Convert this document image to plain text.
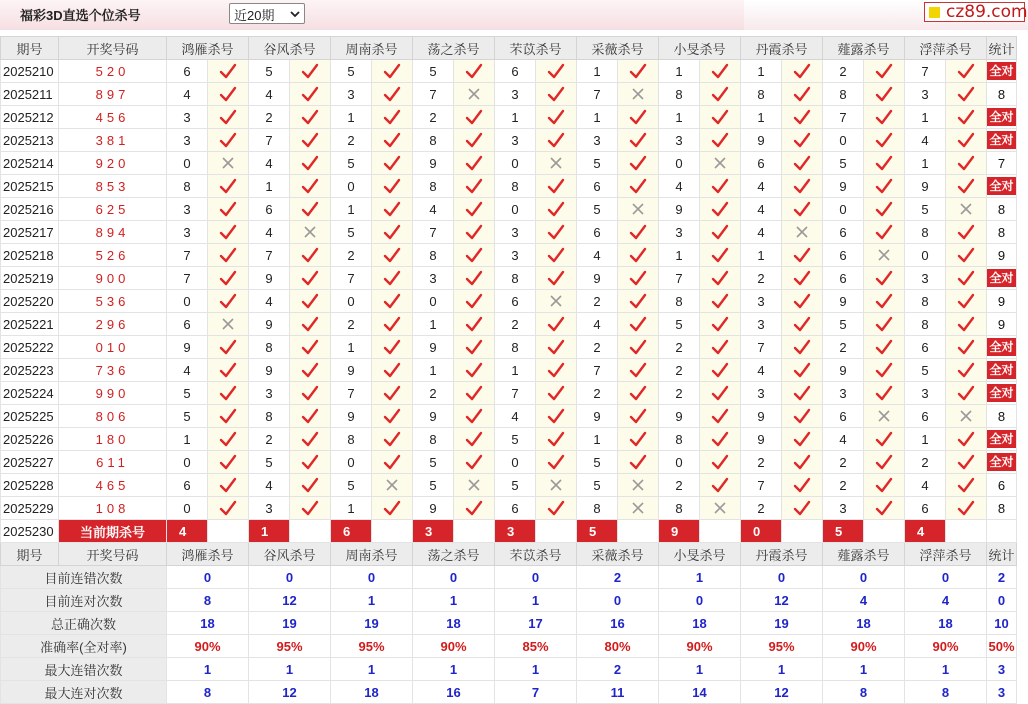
福彩3D直选个位杀号	近20期	cz89.com
期号	开奖号码	鸿雁杀号		谷风杀号		周南杀号		荡之杀号		芣苡杀号		采薇杀号		小旻杀号		丹霞杀号		薤露杀号		浮萍杀号		统计
2025210	520	6		5		5		5		6		1		1		1		2		7		全对
2025211	897	4		4		3		7		3		7		8		8		8		3		8
2025212	456	3		2		1		2		1		1		1		1		7		1		全对
2025213	381	3		7		2		8		3		3		3		9		0		4		全对
2025214	920	0		4		5		9		0		5		0		6		5		1		7
2025215	853	8		1		0		8		8		6		4		4		9		9		全对
2025216	625	3		6		1		4		0		5		9		4		0		5		8
2025217	894	3		4		5		7		3		6		3		4		6		8		8
2025218	526	7		7		2		8		3		4		1		1		6		0		9
2025219	900	7		9		7		3		8		9		7		2		6		3		全对
2025220	536	0		4		0		0		6		2		8		3		9		8		9
2025221	296	6		9		2		1		2		4		5		3		5		8		9
2025222	010	9		8		1		9		8		2		2		7		2		6		全对
2025223	736	4		9		9		1		1		7		2		4		9		5		全对
2025224	990	5		3		7		2		7		2		2		3		3		3		全对
2025225	806	5		8		9		9		4		9		9		9		6		6		8
2025226	180	1		2		8		8		5		1		8		9		4		1		全对
2025227	611	0		5		0		5		0		5		0		2		2		2		全对
2025228	465	6		4		5		5		5		5		2		7		2		4		6
2025229	108	0		3		1		9		6		8		8		2		3		6		8
2025230	当前期杀号	4		1		6		3		3		5		9		0		5		4		
期号	开奖号码	鸿雁杀号		谷风杀号		周南杀号		荡之杀号		芣苡杀号		采薇杀号		小旻杀号		丹霞杀号		薤露杀号		浮萍杀号		统计
目前连错次数		0		0		0		0		0		2		1		0		0		0		2
目前连对次数		8		12		1		1		1		0		0		12		4		4		0
总正确次数		18		19		19		18		17		16		18		19		18		18		10
准确率(全对率)		90%		95%		95%		90%		85%		80%		90%		95%		90%		90%		50%
最大连错次数		1		1		1		1		1		2		1		1		1		1		3
最大连对次数		8		12		18		16		7		11		14		12		8		8		3
